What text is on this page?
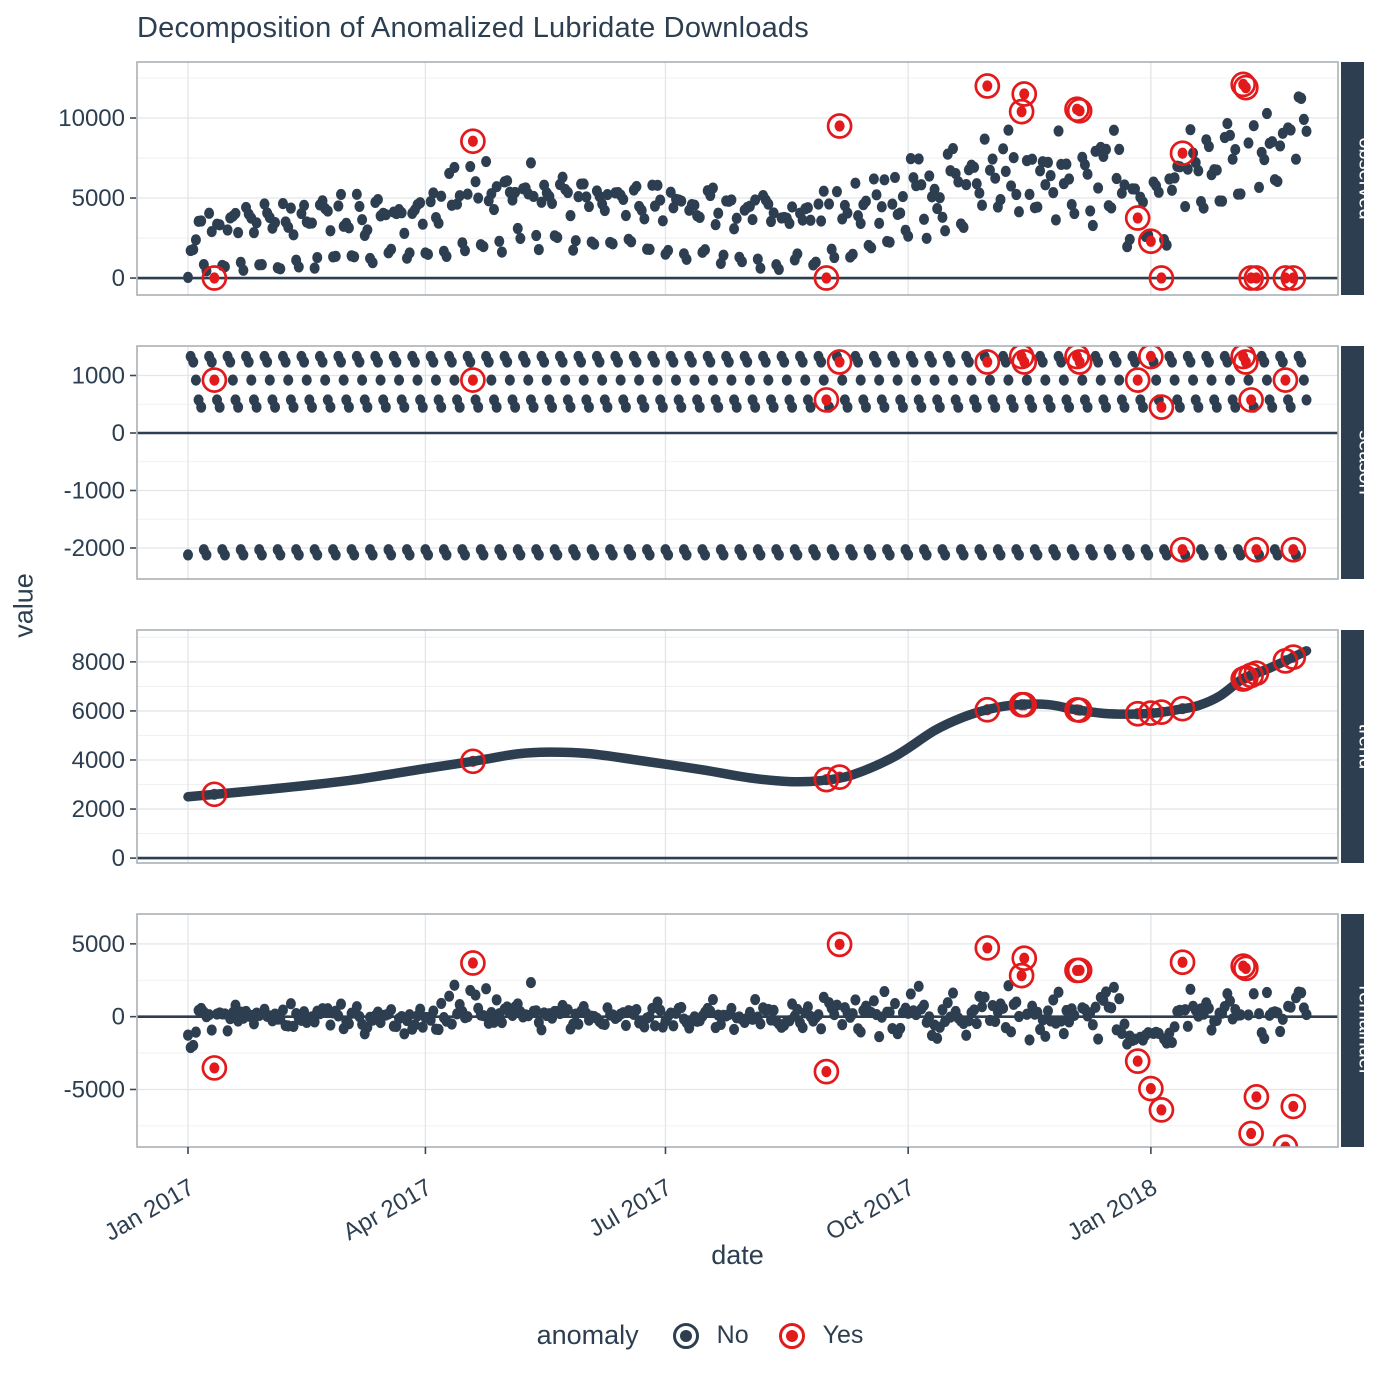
Decomposition of Anomalized Lubridate Downloads
0
5000
10000
observed
1000
0
-1000
-2000
season
8000
6000
4000
2000
0
trend
5000
0
-5000
remainder
Jan 2017	Apr 2017	Jul 2017	Oct 2017	Jan 2018
value
date
anomaly	No	Yes
